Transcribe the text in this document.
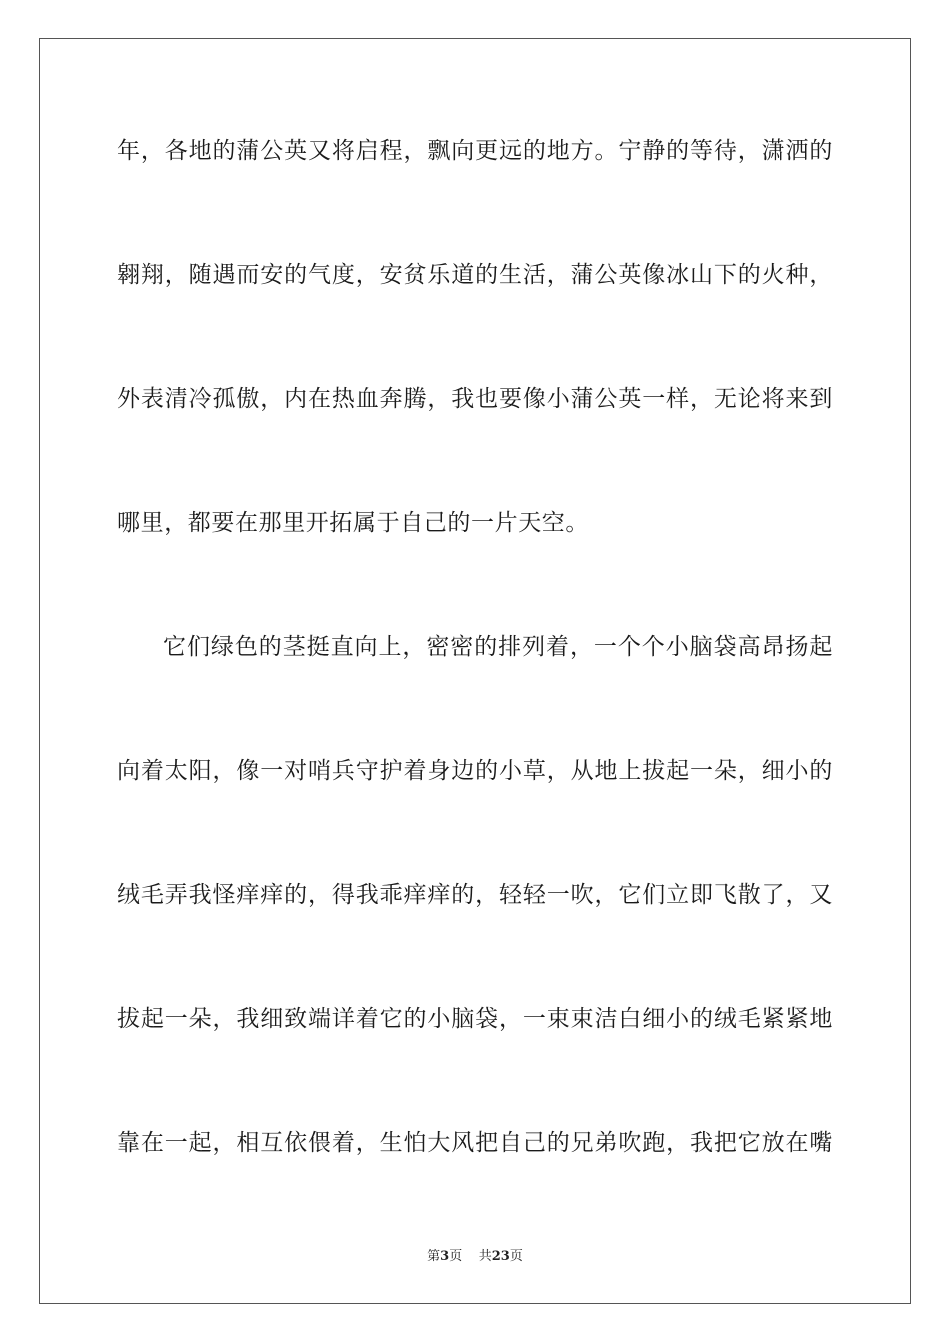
年，各地的蒲公英又将启程，飘向更远的地方。宁静的等待，潇洒的
翱翔，随遇而安的气度，安贫乐道的生活，蒲公英像冰山下的火种，
外表清冷孤傲，内在热血奔腾，我也要像小蒲公英一样，无论将来到
哪里，都要在那里开拓属于自己的一片天空。
它们绿色的茎挺直向上，密密的排列着，一个个小脑袋高昂扬起
向着太阳，像一对哨兵守护着身边的小草，从地上拔起一朵，细小的
绒毛弄我怪痒痒的，得我乖痒痒的，轻轻一吹，它们立即飞散了，又
拔起一朵，我细致端详着它的小脑袋，一束束洁白细小的绒毛紧紧地
靠在一起，相互依偎着，生怕大风把自己的兄弟吹跑，我把它放在嘴
第3页 共23页
